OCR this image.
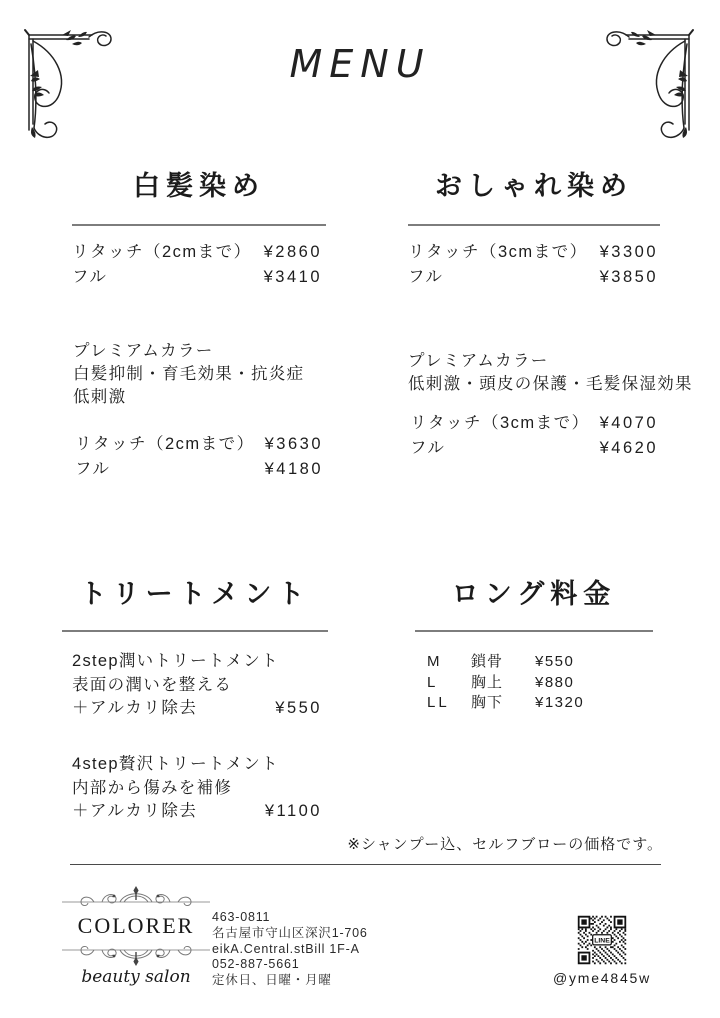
MENU
白髪染め	おしゃれ染め
リタッチ（2cmまで） ¥2860
フル	¥3410
リタッチ（3cmまで） ¥3300
フル	¥3850
プレミアムカラー
白髪抑制・育毛効果・抗炎症
低刺激
リタッチ（2cmまで） ¥3630
フル	¥4180
プレミアムカラー
低刺激・頭皮の保護・毛髪保湿効果
リタッチ（3cmまで） ¥4070
フル	¥4620
トリートメント	ロング料金
2step潤いトリートメント
表面の潤いを整える
＋アルカリ除去	¥550
4step贅沢トリートメント
内部から傷みを補修
＋アルカリ除去	¥1100
M	鎖骨	¥550
L	胸上	¥880
LL	胸下	¥1320
※シャンプー込、セルフブローの価格です。
COLORER
beauty salon
463-0811
名古屋市守山区深沢1-706
eikA.Central.stBill 1F-A
052-887-5661
定休日、日曜・月曜
LINE
@yme4845w
